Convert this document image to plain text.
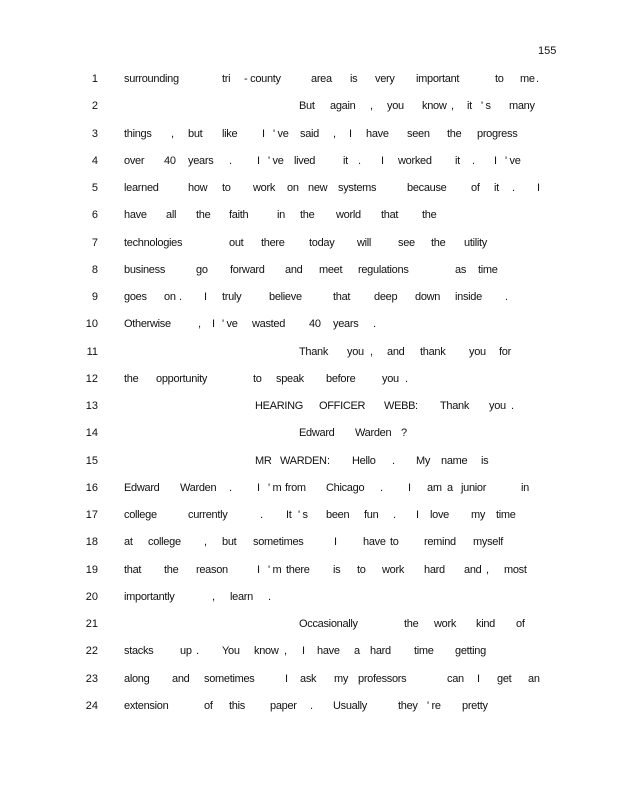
155
1 surrounding	tri - county	area is very important	to me .
2	But again , you know , it ' s many
3 things , but like I ' ve said , I have seen the progress
4 over 40 years . I ' ve lived	it . I worked it . I ' ve
5 learned	how to work on new systems	because of it . I
6 have all the faith	in the world that the
7 technologies	out there today will see the utility
8 business	go forward and meet regulations	as time
9 goes on . I truly	believe	that deep down inside .
10 Otherwise , I ' ve wasted 40 years .
11	Thank you , and thank you for
12 the opportunity	to speak before you .
13	HEARING OFFICER WEBB : Thank you .
14	Edward Warden ?
15	MR WARDEN : Hello . My name is
16 Edward Warden . I ' m from Chicago . I am a junior	in
17 college	currently	. It ' s been fun . I love my time
18 at college , but sometimes	I have to remind myself
19 that the reason	I ' m there is to work hard and , most
20 importantly	, learn .
21	Occasionally	the work kind of
22 stacks up . You know , I have a hard time getting
23 along and sometimes	I ask my professors	can I get an
24 extension	of this paper . Usually	they ' re pretty
